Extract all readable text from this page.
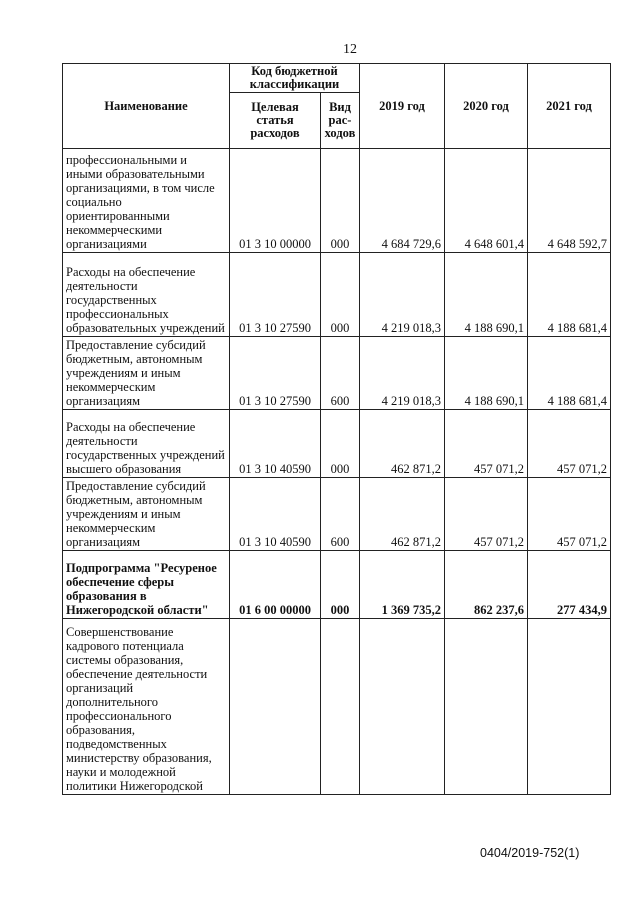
12
Наименование	Код бюджетной классификации		2019 год	2020 год	2021 год
	Целевая статья расходов	Вид рас-ходов			
профессиональными и иными образовательными организациями, в том числе социально ориентированными некоммерческими организациями	01 3 10 00000	000	4 684 729,6	4 648 601,4	4 648 592,7
Расходы на обеспечение деятельности государственных профессиональных образовательных учреждений	01 3 10 27590	000	4 219 018,3	4 188 690,1	4 188 681,4
Предоставление субсидий бюджетным, автономным учреждениям и иным некоммерческим организациям	01 3 10 27590	600	4 219 018,3	4 188 690,1	4 188 681,4
Расходы на обеспечение деятельности государственных учреждений высшего образования	01 3 10 40590	000	462 871,2	457 071,2	457 071,2
Предоставление субсидий бюджетным, автономным учреждениям и иным некоммерческим организациям	01 3 10 40590	600	462 871,2	457 071,2	457 071,2
Подпрограмма "Ресуреное обеспечение сферы образования в Нижегородской области"	01 6 00 00000	000	1 369 735,2	862 237,6	277 434,9
Совершенствование кадрового потенциала системы образования, обеспечение деятельности организаций дополнительного профессионального образования, подведомственных министерству образования, науки и молодежной политики Нижегородской					
0404/2019-752(1)
